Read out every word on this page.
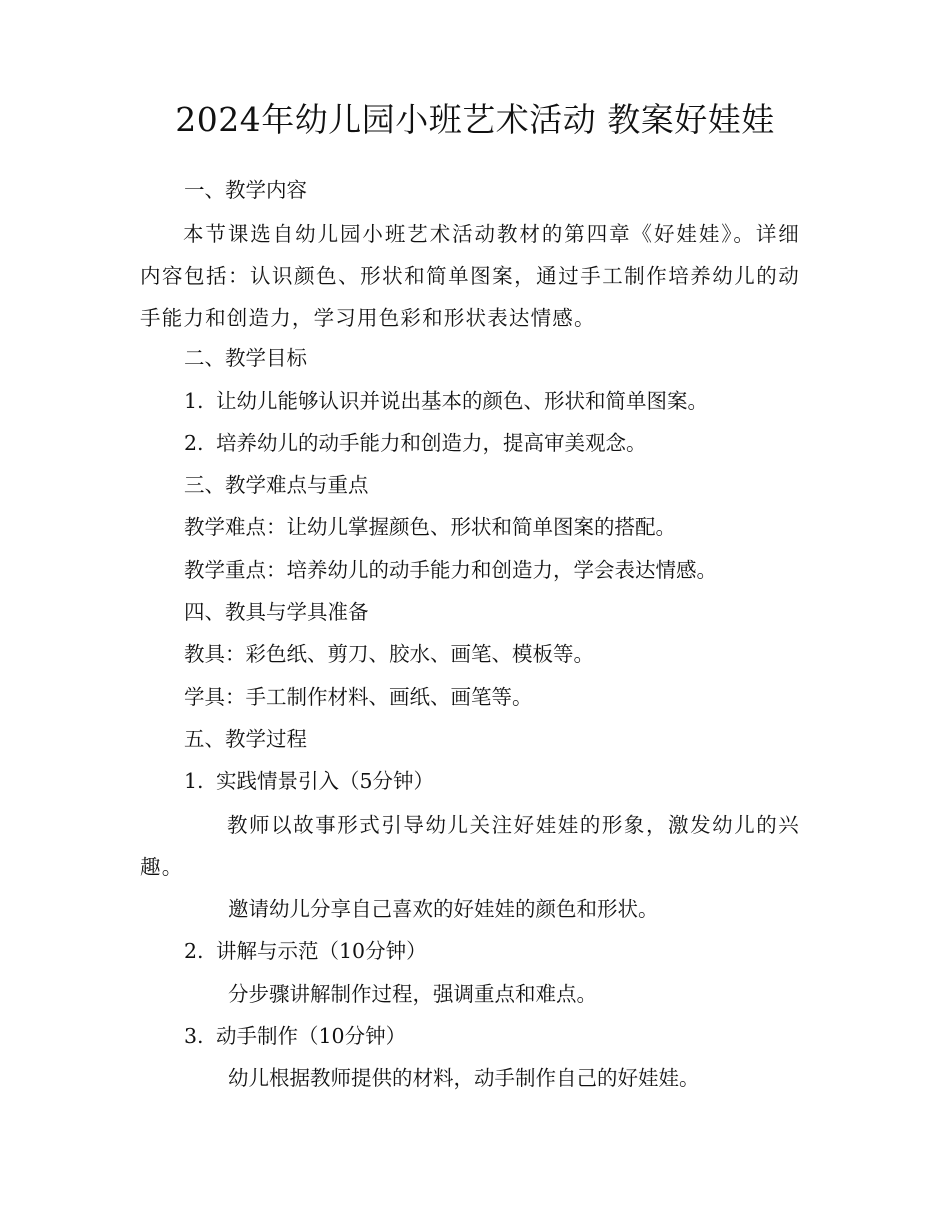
2024年幼儿园小班艺术活动 教案好娃娃
一、教学内容
本节课选自幼儿园小班艺术活动教材的第四章《好娃娃》。详细内容包括：认识颜色、形状和简单图案，通过手工制作培养幼儿的动手能力和创造力，学习用色彩和形状表达情感。
二、教学目标
1. 让幼儿能够认识并说出基本的颜色、形状和简单图案。
2. 培养幼儿的动手能力和创造力，提高审美观念。
三、教学难点与重点
教学难点：让幼儿掌握颜色、形状和简单图案的搭配。
教学重点：培养幼儿的动手能力和创造力，学会表达情感。
四、教具与学具准备
教具：彩色纸、剪刀、胶水、画笔、模板等。
学具：手工制作材料、画纸、画笔等。
五、教学过程
1. 实践情景引入（5分钟）
教师以故事形式引导幼儿关注好娃娃的形象，激发幼儿的兴趣。
邀请幼儿分享自己喜欢的好娃娃的颜色和形状。
2. 讲解与示范（10分钟）
分步骤讲解制作过程，强调重点和难点。
3. 动手制作（10分钟）
幼儿根据教师提供的材料，动手制作自己的好娃娃。
